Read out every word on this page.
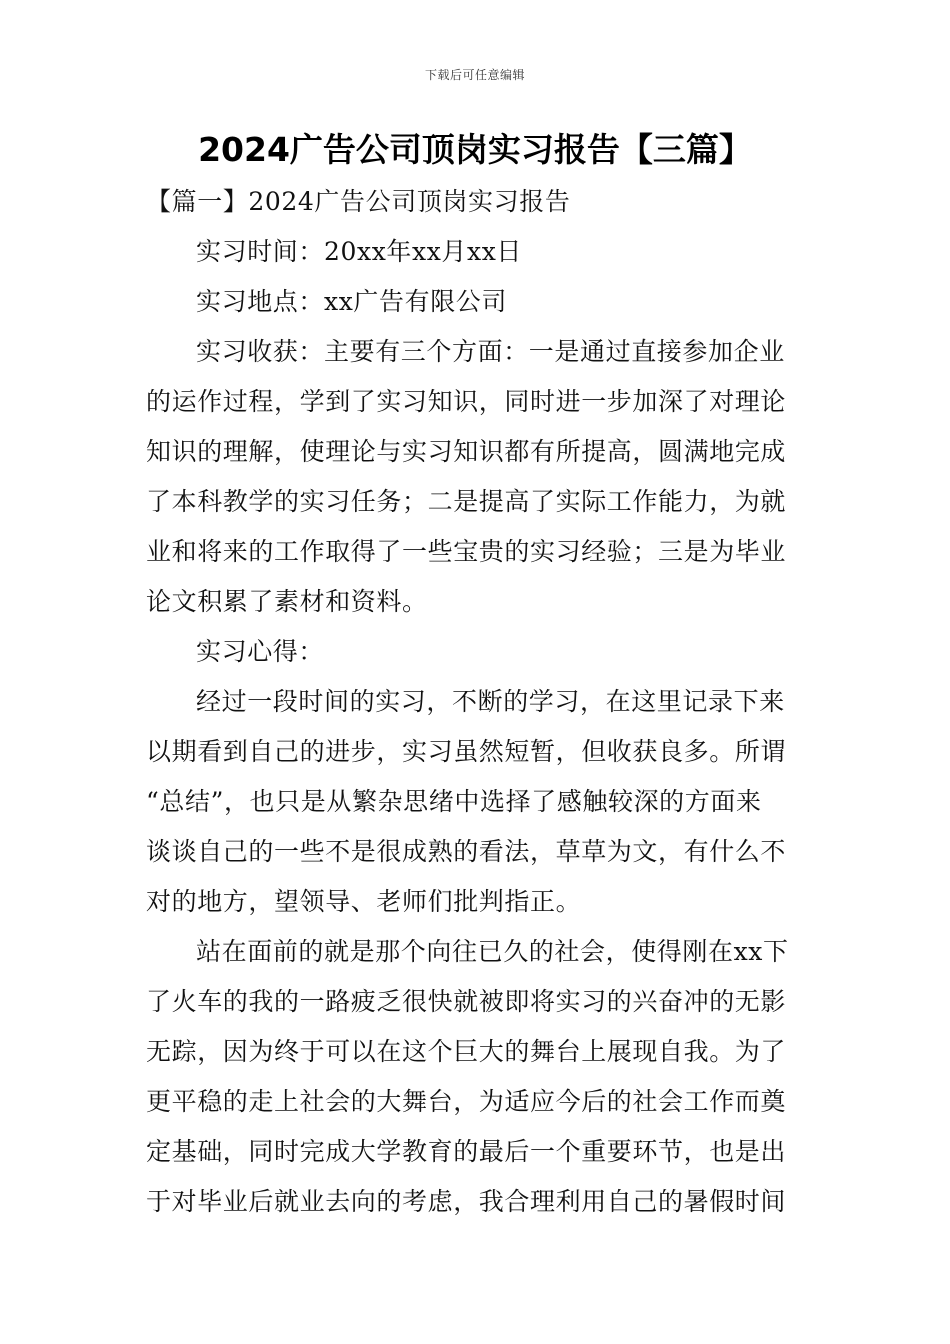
下载后可任意编辑
2024广告公司顶岗实习报告【三篇】
【篇一】2024广告公司顶岗实习报告
实习时间：20xx年xx月xx日
实习地点：xx广告有限公司
实习收获：主要有三个方面：一是通过直接参加企业
的运作过程，学到了实习知识，同时进一步加深了对理论
知识的理解，使理论与实习知识都有所提高，圆满地完成
了本科教学的实习任务；二是提高了实际工作能力，为就
业和将来的工作取得了一些宝贵的实习经验；三是为毕业
论文积累了素材和资料。
实习心得：
经过一段时间的实习，不断的学习，在这里记录下来
以期看到自己的进步，实习虽然短暂，但收获良多。所谓
“总结”，也只是从繁杂思绪中选择了感触较深的方面来
谈谈自己的一些不是很成熟的看法，草草为文，有什么不
对的地方，望领导、老师们批判指正。
站在面前的就是那个向往已久的社会，使得刚在xx下
了火车的我的一路疲乏很快就被即将实习的兴奋冲的无影
无踪，因为终于可以在这个巨大的舞台上展现自我。为了
更平稳的走上社会的大舞台，为适应今后的社会工作而奠
定基础，同时完成大学教育的最后一个重要环节，也是出
于对毕业后就业去向的考虑，我合理利用自己的暑假时间
